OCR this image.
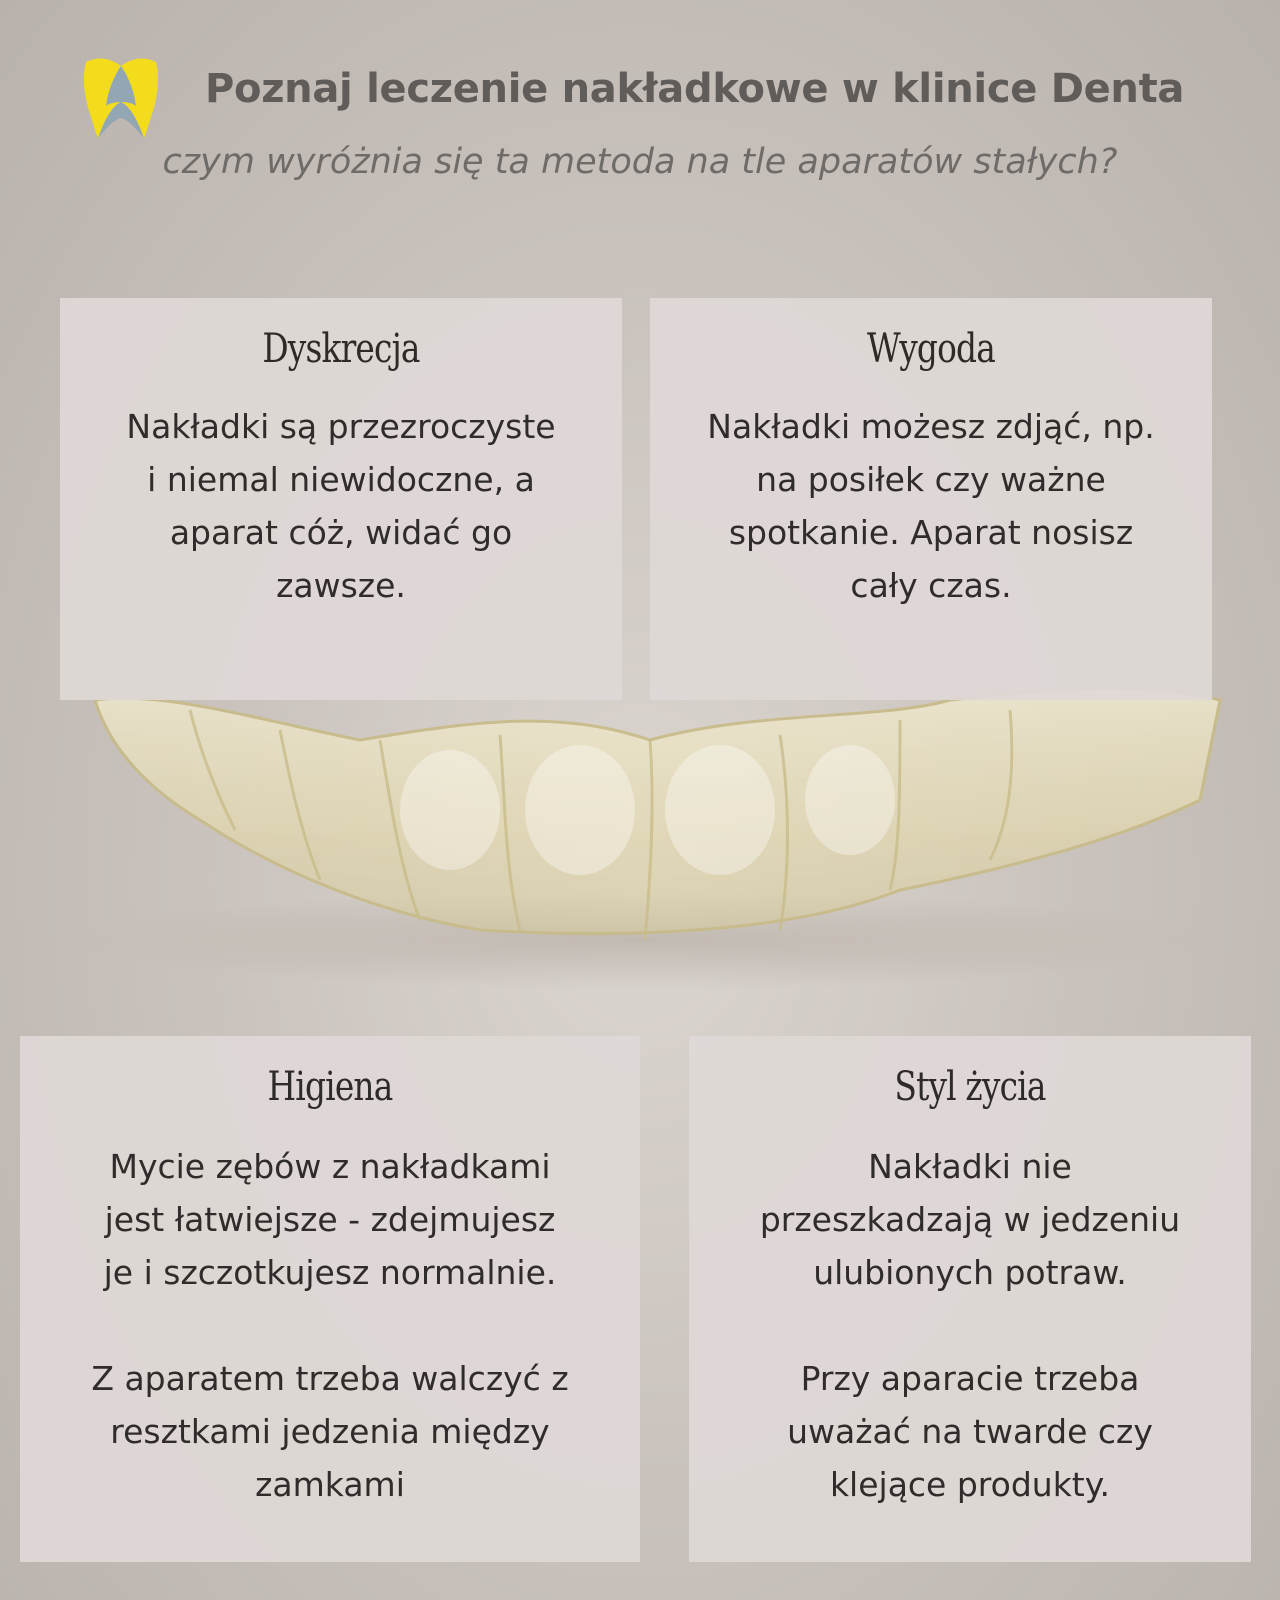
Poznaj leczenie nakładkowe w klinice Denta
czym wyróżnia się ta metoda na tle aparatów stałych?
Dyskrecja

Nakładki są przezroczyste

i niemal niewidoczne, a

aparat cóż, widać go

zawsze.

Wygoda

Nakładki możesz zdjąć, np.

na posiłek czy ważne

spotkanie. Aparat nosisz

cały czas.

Higiena

Mycie zębów z nakładkami

jest łatwiejsze - zdejmujesz

je i szczotkujesz normalnie.

Z aparatem trzeba walczyć z

resztkami jedzenia między

zamkami

Styl życia

Nakładki nie

przeszkadzają w jedzeniu

ulubionych potraw.

Przy aparacie trzeba

uważać na twarde czy

klejące produkty.
